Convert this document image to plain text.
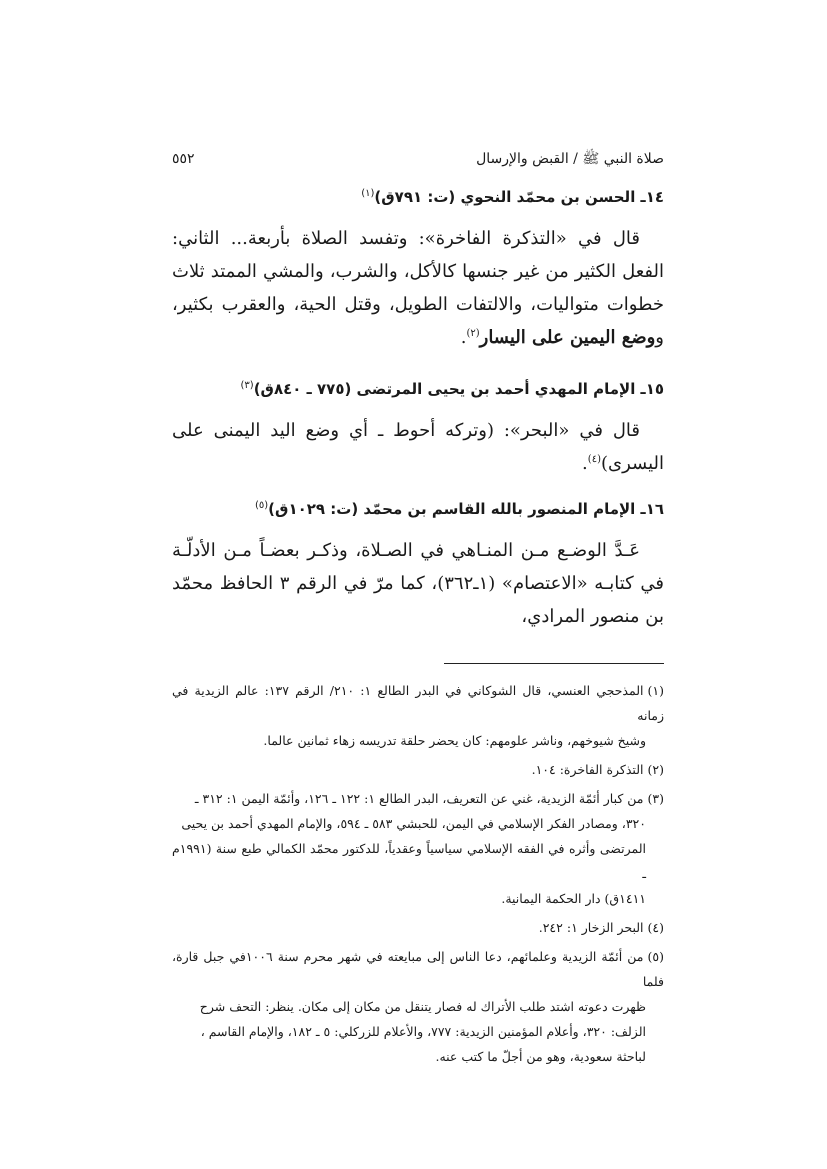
صلاة النبي ﷺ / القبض والإرسال
٥٥٢
١٤ـ الحسن بن محمّد النحوي (ت: ٧٩١ق)$^{(١)}$

قال في «التذكرة الفاخرة»: وتفسد الصلاة بأربعة... الثاني: الفعل الكثير من غير جنسها كالأكل، والشرب، والمشي الممتد ثلاث خطوات متواليات، والالتفات الطويل، وقتل الحية، والعقرب بكثير، ووضع اليمين على اليسار$^{(٢)}$.

١٥ـ الإمام المهدي أحمد بن يحيى المرتضى (٧٧٥ ـ ٨٤٠ق)$^{(٣)}$

قال في «البحر»: (وتركه أحوط ـ أي وضع اليد اليمنى على اليسرى)$^{(٤)}$.

١٦ـ الإمام المنصور بالله القاسم بن محمّد (ت: ١٠٢٩ق)$^{(٥)}$

عَـدَّ الوضـع مـن المنـاهي في الصـلاة، وذكـر بعضـاً مـن الأدلّـة في كتابـه «الاعتصام» (١ـ٣٦٢)، كما مرّ في الرقم ٣ الحافظ محمّد بن منصور المرادي،

(١)المذحجي العنسي، قال الشوكاني في البدر الطالع ١: ٢١٠/ الرقم ١٣٧: عالم الزيدية في زمانه
وشيخ شيوخهم، وناشر علومهم: كان يحضر حلقة تدريسه زهاء ثمانين عالما.
(٢)التذكرة الفاخرة: ١٠٤.
(٣)من كبار أئمّة الزيدية، غني عن التعريف، البدر الطالع ١: ١٢٢ ـ ١٢٦، وأئمّة اليمن ١: ٣١٢ ـ
٣٢٠، ومصادر الفكر الإسلامي في اليمن، للحبشي ٥٨٣ ـ ٥٩٤، والإمام المهدي أحمد بن يحيى
المرتضى وأثره في الفقه الإسلامي سياسياً وعقدياً، للدكتور محمّد الكمالي طبع سنة (١٩٩١م ـ
١٤١١ق) دار الحكمة اليمانية.
(٤)البحر الزخار ١: ٢٤٢.
(٥)من أئمّة الزيدية وعلمائهم، دعا الناس إلى مبايعته في شهر محرم سنة ١٠٠٦في جبل قارة، فلما
ظهرت دعوته اشتد طلب الأتراك له فصار يتنقل من مكان إلى مكان. ينظر: التحف شرح
الزلف: ٣٢٠، وأعلام المؤمنين الزيدية: ٧٧٧، والأعلام للزركلي: ٥ ـ ١٨٢، والإمام القاسم ،
لباحثة سعودية، وهو من أجلّ ما كتب عنه.
